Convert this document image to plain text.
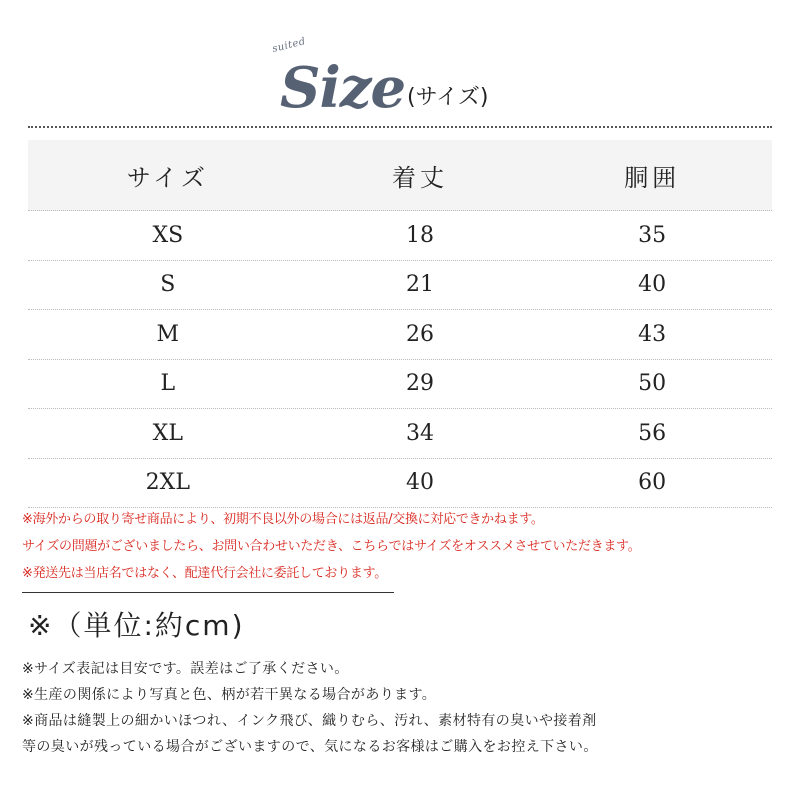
suited
Size (サイズ)
サイズ	着丈	胴囲
XS	18	35
S	21	40
M	26	43
L	29	50
XL	34	56
2XL	40	60
※海外からの取り寄せ商品により、初期不良以外の場合には返品/交換に対応できかねます。
サイズの問題がございましたら、お問い合わせいただき、こちらではサイズをオススメさせていただきます。
※発送先は当店名ではなく、配達代行会社に委託しております。
※（単位:約cm)
※サイズ表記は目安です。誤差はご了承ください。
※生産の関係により写真と色、柄が若干異なる場合があります。
※商品は縫製上の細かいほつれ、インク飛び、織りむら、汚れ、素材特有の臭いや接着剤
等の臭いが残っている場合がございますので、気になるお客様はご購入をお控え下さい。
